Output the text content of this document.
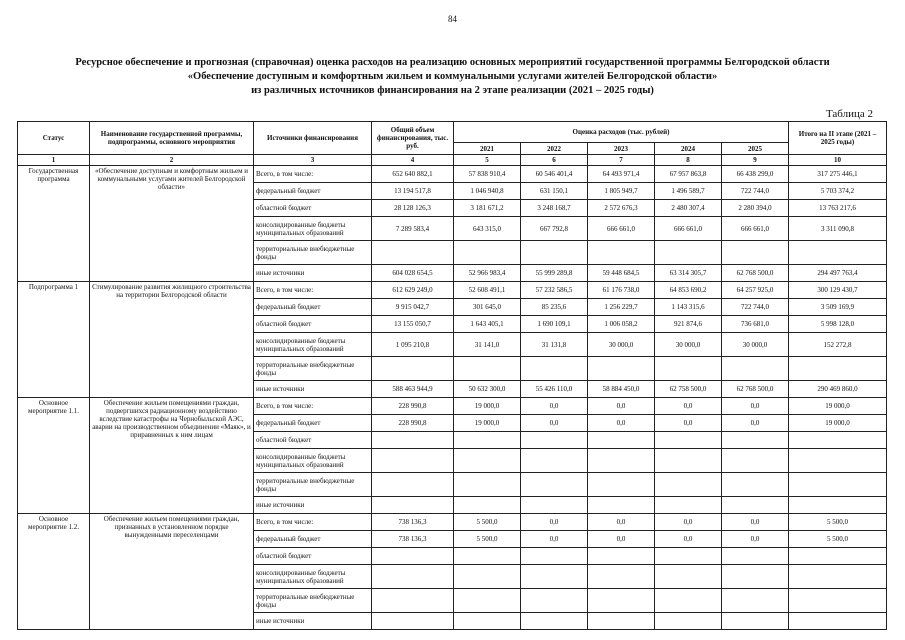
84
Ресурсное обеспечение и прогнозная (справочная) оценка расходов на реализацию основных мероприятий государственной программы Белгородской области
«Обеспечение доступным и комфортным жильем и коммунальными услугами жителей Белгородской области»
из различных источников финансирования на 2 этапе реализации (2021 – 2025 годы)
Таблица 2
Статус	Наименование государственной программы, подпрограммы, основного мероприятия	Источники финансирования	Общий объем финансирования, тыс. руб.	Оценка расходов (тыс. рублей)					Итого на II этапе (2021 – 2025 годы)
				2021	2022	2023	2024	2025	
1	2	3	4	5	6	7	8	9	10
Государственная программа	«Обеспечение доступным и комфортным жильем и коммунальными услугами жителей Белгородской области»	Всего, в том числе:	652 640 882,1	57 838 910,4	60 546 401,4	64 493 971,4	67 957 863,8	66 438 299,0	317 275 446,1
		федеральный бюджет	13 194 517,8	1 046 940,8	631 150,1	1 805 949,7	1 496 589,7	722 744,0	5 703 374,2
		областной бюджет	28 128 126,3	3 181 671,2	3 248 168,7	2 572 676,3	2 480 307,4	2 280 394,0	13 763 217,6
		консолидированные бюджеты муниципальных образований	7 289 583,4	643 315,0	667 792,8	666 661,0	666 661,0	666 661,0	3 311 090,8
		территориальные внебюджетные фонды							
		иные источники	604 028 654,5	52 966 983,4	55 999 289,8	59 448 684,5	63 314 305,7	62 768 500,0	294 497 763,4
Подпрограмма 1	Стимулирование развития жилищного строительства на территории Белгородской области	Всего, в том числе:	612 629 249,0	52 608 491,1	57 232 586,5	61 176 738,0	64 853 690,2	64 257 925,0	300 129 430,7
		федеральный бюджет	9 915 042,7	301 645,0	85 235,6	1 256 229,7	1 143 315,6	722 744,0	3 509 169,9
		областной бюджет	13 155 050,7	1 643 405,1	1 690 109,1	1 006 058,2	921 874,6	736 681,0	5 998 128,0
		консолидированные бюджеты муниципальных образований	1 095 210,8	31 141,0	31 131,8	30 000,0	30 000,0	30 000,0	152 272,8
		территориальные внебюджетные фонды							
		иные источники	588 463 944,9	50 632 300,0	55 426 110,0	58 884 450,0	62 758 500,0	62 768 500,0	290 469 860,0
Основное мероприятие 1.1.	Обеспечение жильем помещениями граждан, подвергшихся радиационному воздействию вследствие катастрофы на Чернобыльской АЭС, аварии на производственном объединении «Маяк», и приравненных к ним лицам	Всего, в том числе:	228 990,8	19 000,0	0,0	0,0	0,0	0,0	19 000,0
		федеральный бюджет	228 990,8	19 000,0	0,0	0,0	0,0	0,0	19 000,0
		областной бюджет							
		консолидированные бюджеты муниципальных образований							
		территориальные внебюджетные фонды							
		иные источники							
Основное мероприятие 1.2.	Обеспечение жильем помещениями граждан, признанных в установленном порядке вынужденными переселенцами	Всего, в том числе:	738 136,3	5 500,0	0,0	0,0	0,0	0,0	5 500,0
		федеральный бюджет	738 136,3	5 500,0	0,0	0,0	0,0	0,0	5 500,0
		областной бюджет							
		консолидированные бюджеты муниципальных образований							
		территориальные внебюджетные фонды							
		иные источники							
